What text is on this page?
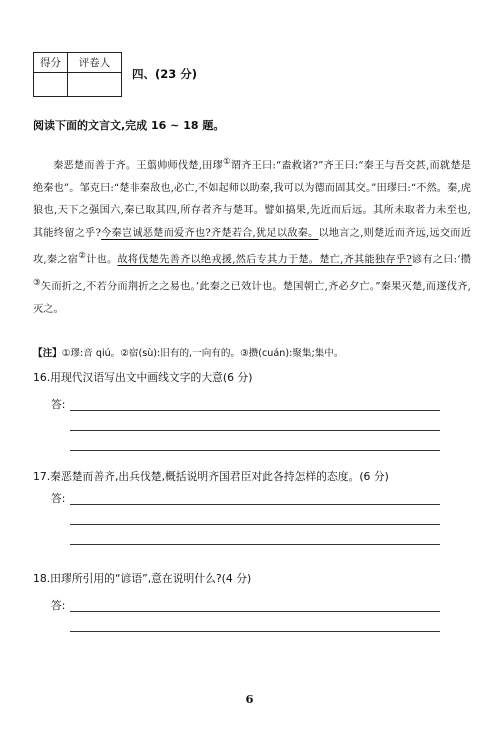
得分	评卷人

四、(23 分)
阅读下面的文言文,完成 16 ~ 18 题。
秦恶楚而善于齐。王翦帅师伐楚,田璆①谓齐王曰:“盍救诸?”齐王曰:“秦王与吾交甚,而就楚是绝秦也”。邹克曰:“楚非秦敌也,必亡,不如起师以助秦,我可以为德而固其交。”田璆曰:“不然。秦,虎狼也,天下之强国六,秦已取其四,所存者齐与楚耳。譬如搞果,先近而后远。其所未取者力未至也,其能终留之乎?今秦岂诚恶楚而爱齐也?齐楚若合,犹足以敌秦。以地言之,则楚近而齐远,远交而近攻,秦之宿②计也。故将伐楚先善齐以绝戎援,然后专其力于楚。楚亡,齐其能独存乎?谚有之曰:‘攒③矢而折之,不若分而荆折之之易也。’此秦之已效计也。楚国朝亡,齐必夕亡。”秦果灭楚,而遂伐齐,灭之。
【注】①璆:音 qiú。②宿(sù):旧有的,一向有的。③攒(cuán):聚集;集中。
16.用现代汉语写出文中画线文字的大意(6 分)
答:
17.秦恶楚而善齐,出兵伐楚,概括说明齐国君臣对此各持怎样的态度。(6 分)
答:
18.田璆所引用的“谚语”,意在说明什么?(4 分)
答:
6
